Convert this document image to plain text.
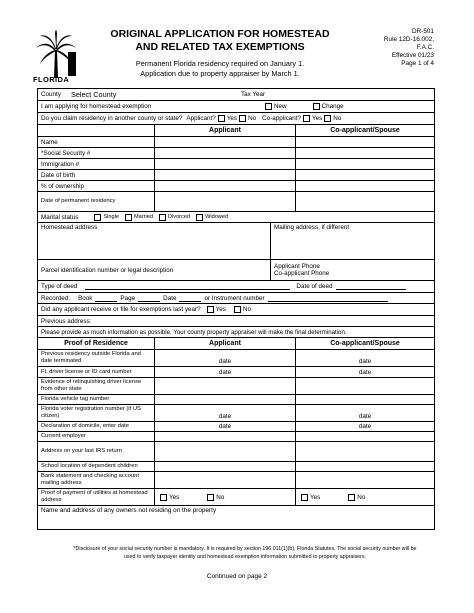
FLORIDA
ORIGINAL APPLICATION FOR HOMESTEAD
AND RELATED TAX EXEMPTIONS
Permanent Florida residency required on January 1.
Application due to property appraiser by March 1.
DR-501
Rule 12D-16.002,
F.A.C.
Effective 01/23
Page 1 of 4
County Select County	Tax Year
I am applying for homestead exemption	New	Change
Do you claim residency in another county or state? Applicant? Yes No Co-applicant? Yes No
Applicant	Co-applicant/Spouse
Name
*Social Security #
Immigration #
Date of birth
% of ownership
Date of permanent residency
Marital status	Single	Married	Divorced	Widowed
Homestead address	Mailing address, if different
Parcel identification number or legal description	Applicant Phone
Co-applicant Phone
Type of deed	Date of deed
Recorded: Book	Page	Date	or Instrument number
Did any applicant receive or file for exemptions last year? Yes	No
Previous address:
Please provide as much information as possible. Your county property appraiser will make the final determination.
Proof of Residence	Applicant	Co-applicant/Spouse
Previous residency outside Florida and date terminated	date	date
FL driver license or ID card number	date	date
Evidence of relinquishing driver license from other state
Florida vehicle tag number
Florida voter registration number (if US citizen)	date	date
Declaration of domicile, enter date	date	date
Current employer
Address on your last IRS return
School location of dependent children
Bank statement and checking account mailing address
Proof of payment of utilities at homestead address	Yes	No	Yes	No
Name and address of any owners not residing on the property
*Disclosure of your social security number is mandatory. It is required by section 196.011(1)(b), Florida Statutes. The social security number will be used to verify taxpayer identity and homestead exemption information submitted to property appraisers.
Continued on page 2
